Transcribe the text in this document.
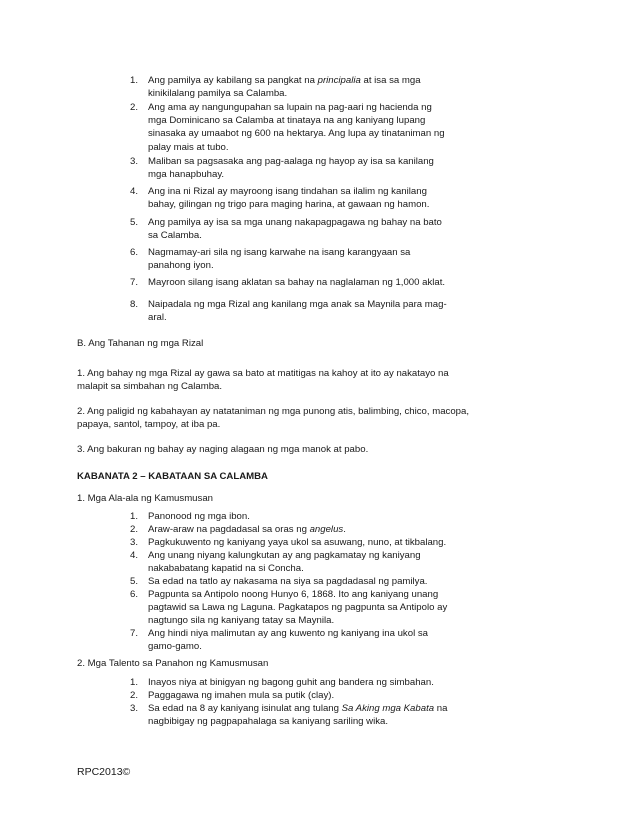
1. Ang pamilya ay kabilang sa pangkat na principalia at isa sa mga kinikilalang pamilya sa Calamba.
2. Ang ama ay nangungupahan sa lupain na pag-aari ng hacienda ng mga Dominicano sa Calamba at tinataya na ang kaniyang lupang sinasaka ay umaabot ng 600 na hektarya. Ang lupa ay tinataniman ng palay mais at tubo.
3. Maliban sa pagsasaka ang pag-aalaga ng hayop ay isa sa kanilang mga hanapbuhay.
4. Ang ina ni Rizal ay mayroong isang tindahan sa ilalim ng kanilang bahay, gilingan ng trigo para maging harina, at gawaan ng hamon.
5. Ang pamilya ay isa sa mga unang nakapagpagawa ng bahay na bato sa Calamba.
6. Nagmamay-ari sila ng isang karwahe na isang karangyaan sa panahong iyon.
7. Mayroon silang isang aklatan sa bahay na naglalaman ng 1,000 aklat.
8. Naipadala ng mga Rizal ang kanilang mga anak sa Maynila para mag-aral.
B. Ang Tahanan ng mga Rizal
1. Ang bahay ng mga Rizal ay gawa sa bato at matitigas na kahoy at ito ay nakatayo na malapit sa simbahan ng Calamba.
2. Ang paligid ng kabahayan ay natataniman ng mga punong atis, balimbing, chico, macopa, papaya, santol, tampoy, at iba pa.
3. Ang bakuran ng bahay ay naging alagaan ng mga manok at pabo.
KABANATA 2 – KABATAAN SA CALAMBA
1. Mga Ala-ala ng Kamusmusan
1. Panonood ng mga ibon.
2. Araw-araw na pagdadasal sa oras ng angelus.
3. Pagkukuwento ng kaniyang yaya ukol sa asuwang, nuno, at tikbalang.
4. Ang unang niyang kalungkutan ay ang pagkamatay ng kaniyang nakababatang kapatid na si Concha.
5. Sa edad na tatlo ay nakasama na siya sa pagdadasal ng pamilya.
6. Pagpunta sa Antipolo noong Hunyo 6, 1868. Ito ang kaniyang unang pagtawid sa Lawa ng Laguna. Pagkatapos ng pagpunta sa Antipolo ay nagtungo sila ng kaniyang tatay sa Maynila.
7. Ang hindi niya malimutan ay ang kuwento ng kaniyang ina ukol sa gamo-gamo.
2. Mga Talento sa Panahon ng Kamusmusan
1. Inayos niya at binigyan ng bagong guhit ang bandera ng simbahan.
2. Paggagawa ng imahen mula sa putik (clay).
3. Sa edad na 8 ay kaniyang isinulat ang tulang Sa Aking mga Kabata na nagbibigay ng pagpapahalaga sa kaniyang sariling wika.
RPC2013©
